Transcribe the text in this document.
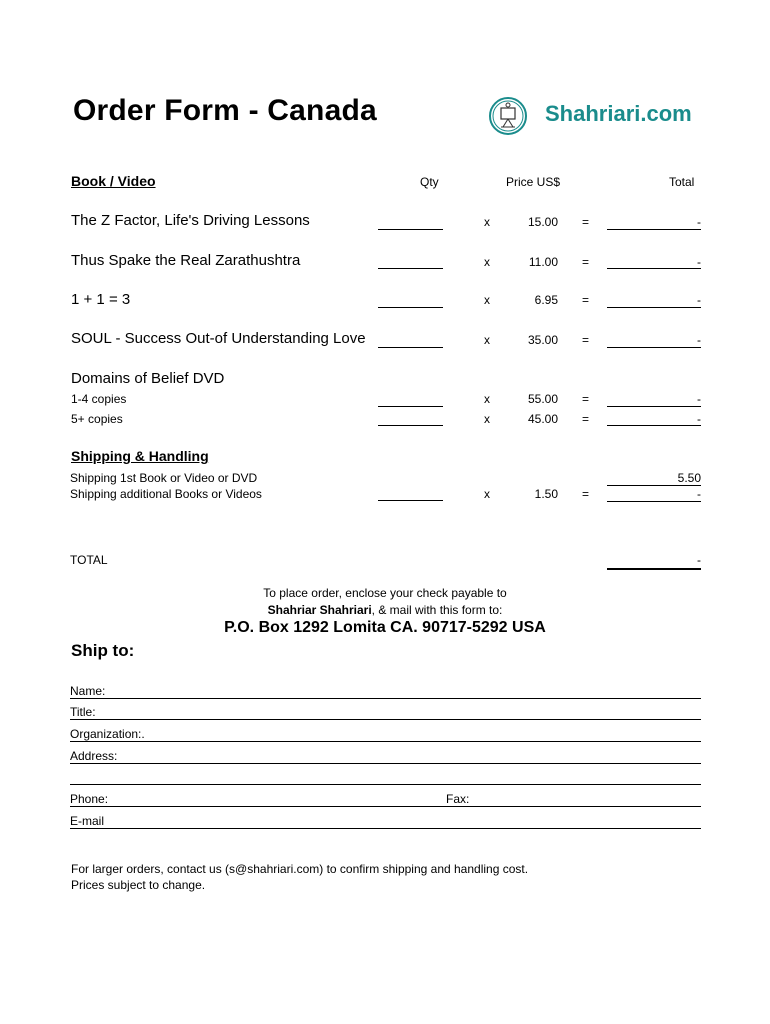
Order Form - Canada	Shahriari.com
Book / Video	Qty	Price US$	Total
The Z Factor, Life's Driving Lessons	x	15.00 =	-
Thus Spake the Real Zarathushtra	x	11.00 =	-
1 + 1 = 3	x	6.95 =	-
SOUL - Success Out-of Understanding Love	x	35.00 =	-
Domains of Belief DVD
1-4 copies	x	55.00 =	-
5+ copies	x	45.00 =	-
Shipping & Handling
Shipping 1st Book or Video or DVD	5.50
Shipping additional Books or Videos	x	1.50 =	-
TOTAL	-
To place order, enclose your check payable to
Shahriar Shahriari, & mail with this form to:
P.O. Box 1292 Lomita CA. 90717-5292 USA
Ship to:
Name:
Title:
Organization:.
Address:
Phone:	Fax:
E-mail
For larger orders, contact us (s@shahriari.com) to confirm shipping and handling cost.
Prices subject to change.
